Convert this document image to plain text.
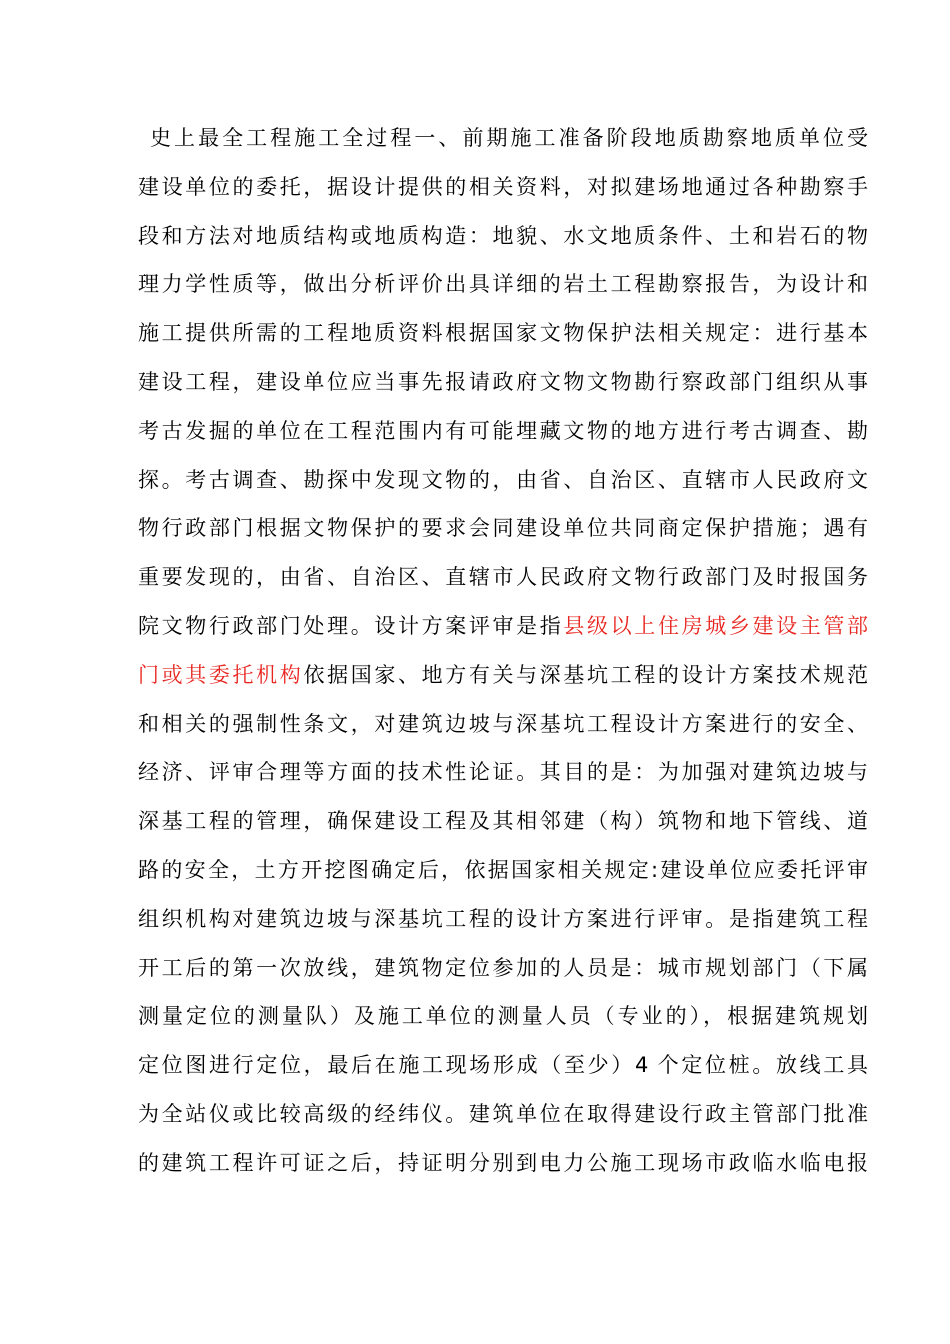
史上最全工程施工全过程一、前期施工准备阶段地质勘察地质单位受
建设单位的委托，据设计提供的相关资料，对拟建场地通过各种勘察手
段和方法对地质结构或地质构造：地貌、水文地质条件、土和岩石的物
理力学性质等，做出分析评价出具详细的岩土工程勘察报告，为设计和
施工提供所需的工程地质资料根据国家文物保护法相关规定：进行基本
建设工程，建设单位应当事先报请政府文物文物勘行察政部门组织从事
考古发掘的单位在工程范围内有可能埋藏文物的地方进行考古调查、勘
探。考古调查、勘探中发现文物的，由省、自治区、直辖市人民政府文
物行政部门根据文物保护的要求会同建设单位共同商定保护措施；遇有
重要发现的，由省、自治区、直辖市人民政府文物行政部门及时报国务
院文物行政部门处理。设计方案评审是指县级以上住房城乡建设主管部
门或其委托机构依据国家、地方有关与深基坑工程的设计方案技术规范
和相关的强制性条文，对建筑边坡与深基坑工程设计方案进行的安全、
经济、评审合理等方面的技术性论证。其目的是：为加强对建筑边坡与
深基工程的管理，确保建设工程及其相邻建（构）筑物和地下管线、道
路的安全，土方开挖图确定后，依据国家相关规定:建设单位应委托评审
组织机构对建筑边坡与深基坑工程的设计方案进行评审。是指建筑工程
开工后的第一次放线，建筑物定位参加的人员是：城市规划部门（下属
测量定位的测量队）及施工单位的测量人员（专业的），根据建筑规划
定位图进行定位，最后在施工现场形成（至少）4 个定位桩。放线工具
为全站仪或比较高级的经纬仪。建筑单位在取得建设行政主管部门批准
的建筑工程许可证之后，持证明分别到电力公施工现场市政临水临电报
